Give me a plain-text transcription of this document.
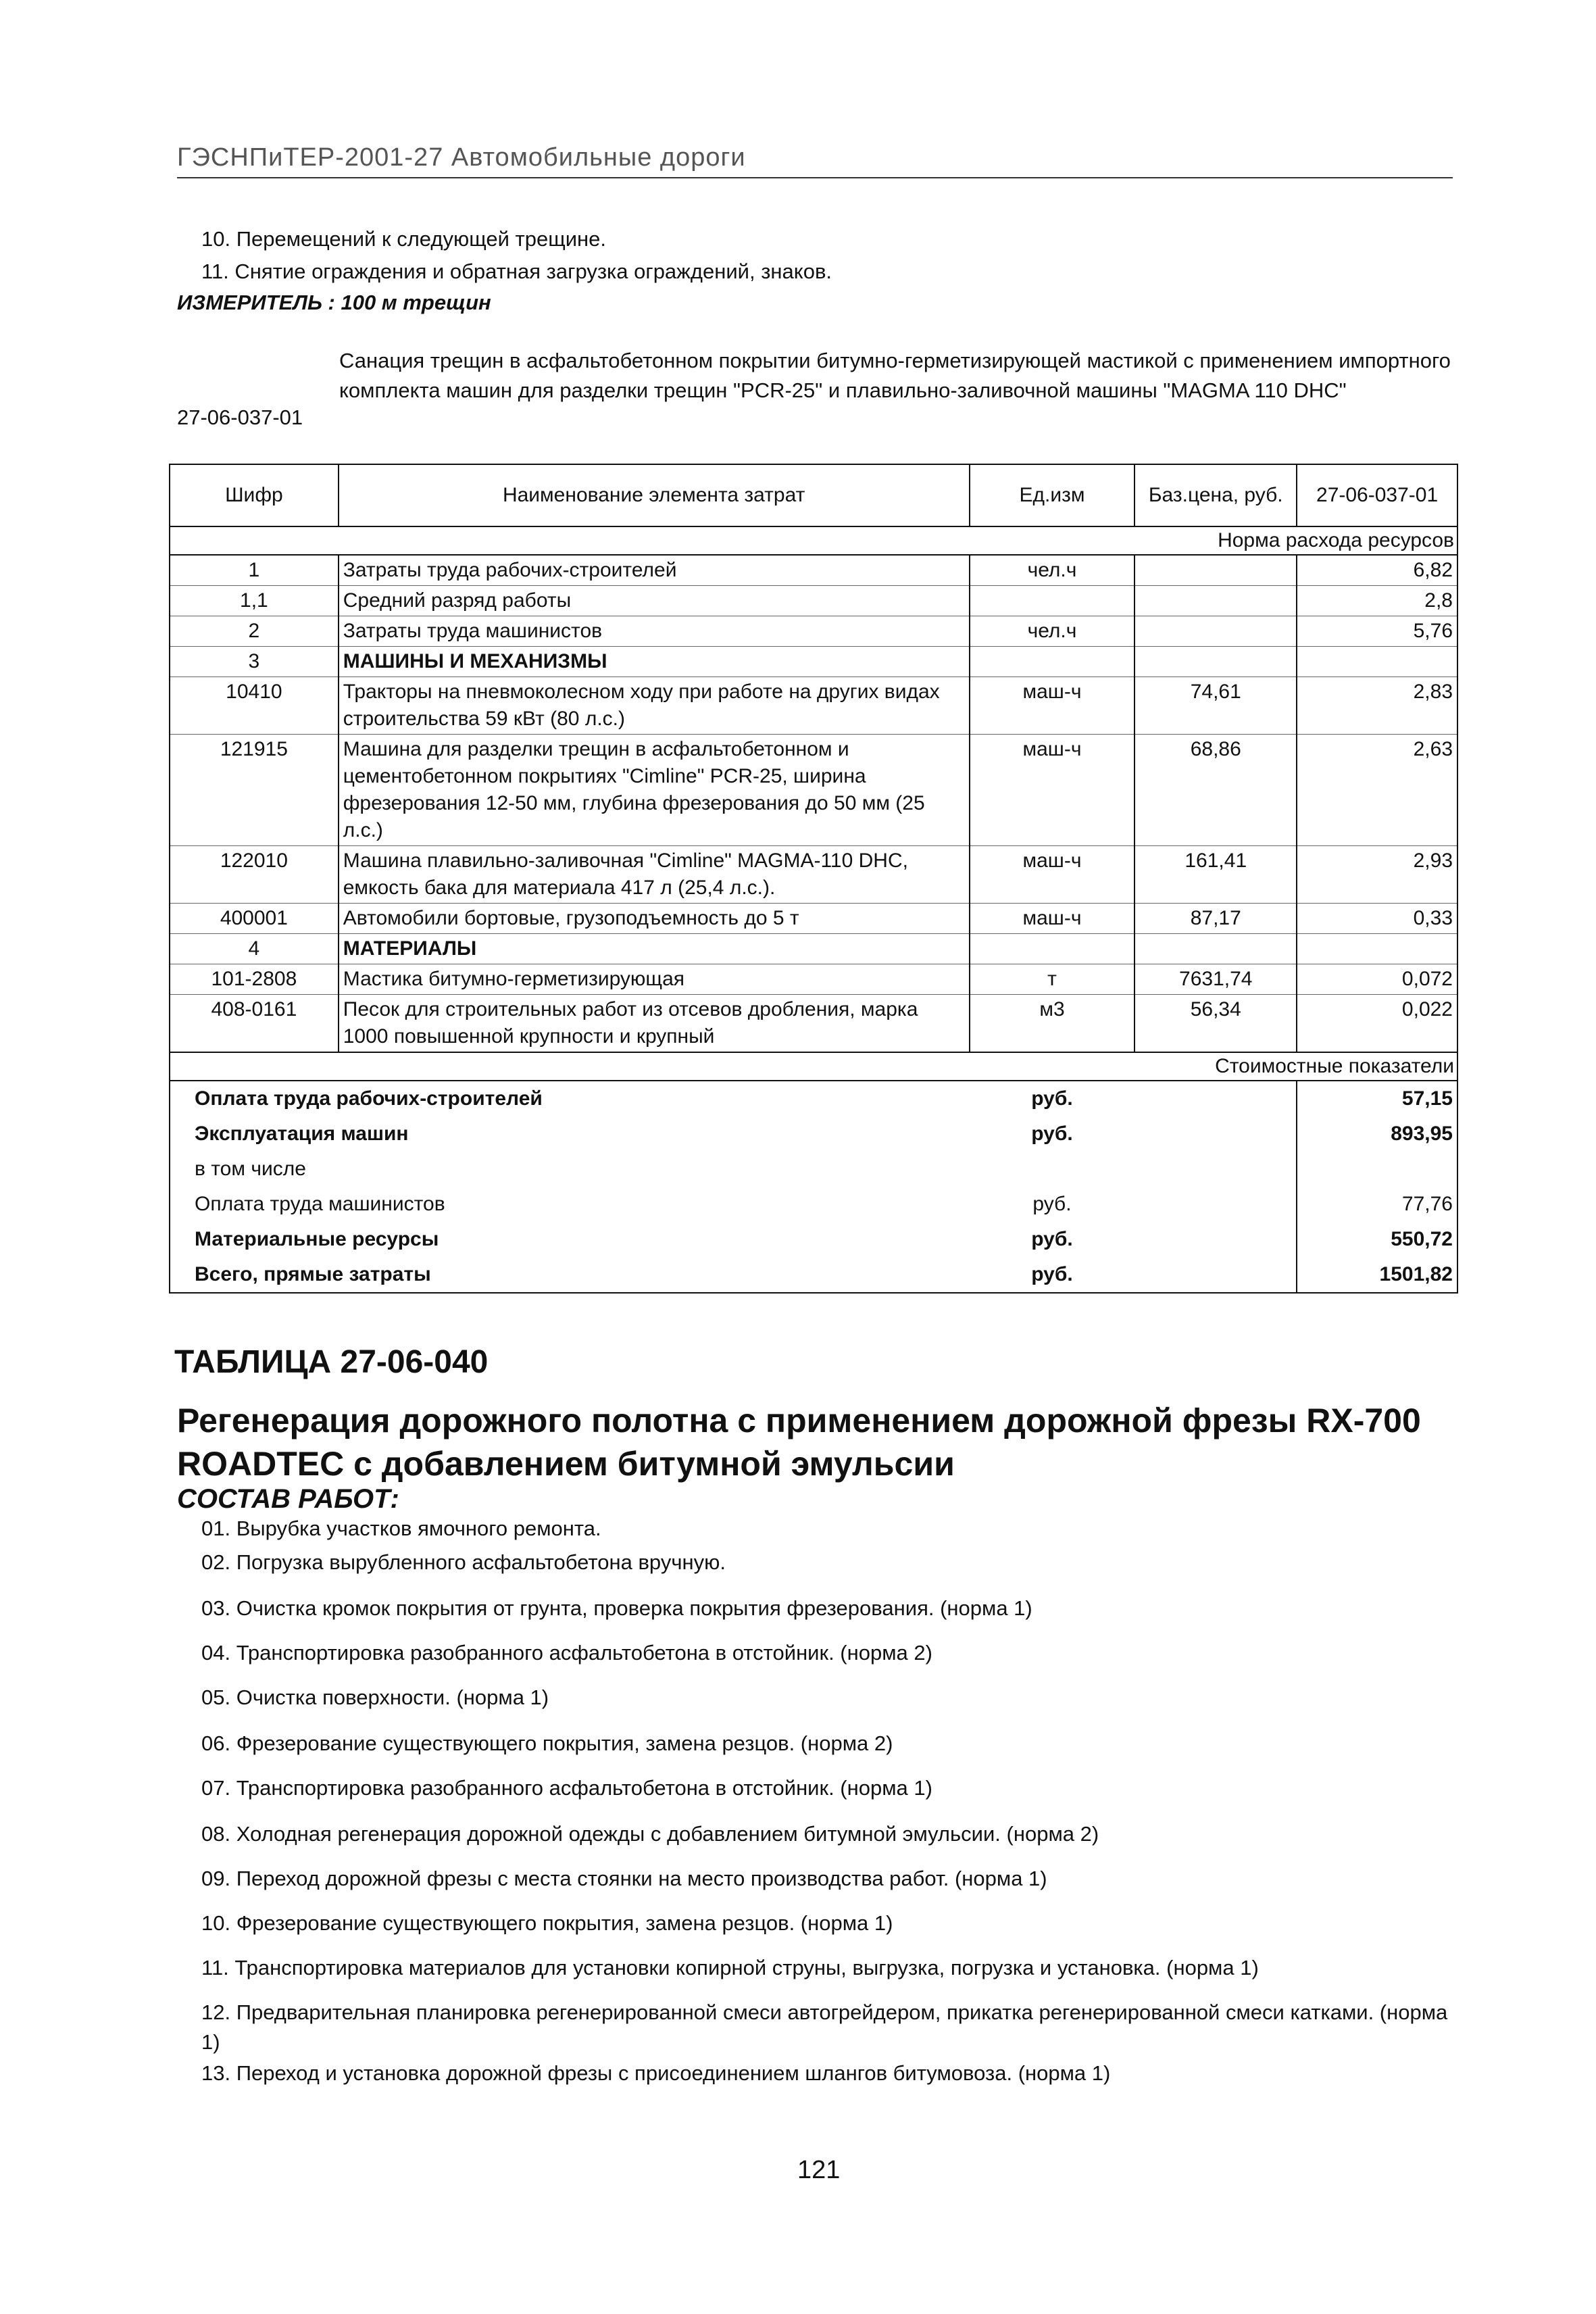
ГЭСНПиТЕР-2001-27 Автомобильные дороги
10. Перемещений к следующей трещине.
11. Снятие ограждения и обратная загрузка ограждений, знаков.
ИЗМЕРИТЕЛЬ : 100 м трещин
Санация трещин в асфальтобетонном покрытии битумно-герметизирующей мастикой с применением импортного комплекта машин для разделки трещин "PCR-25" и плавильно-заливочной машины "MAGMA 110 DHC"
27-06-037-01
Шифр	Наименование элемента затрат	Ед.изм	Баз.цена, руб.	27-06-037-01
Норма расхода ресурсов				
1	Затраты труда рабочих-строителей	чел.ч		6,82
1,1	Средний разряд работы			2,8
2	Затраты труда машинистов	чел.ч		5,76
3	МАШИНЫ И МЕХАНИЗМЫ			
10410	Тракторы на пневмоколесном ходу при работе на других видах строительства 59 кВт (80 л.с.)	маш-ч	74,61	2,83
121915	Машина для разделки трещин в асфальтобетонном и цементобетонном покрытиях "Cimline" PCR-25, ширина фрезерования 12-50 мм, глубина фрезерования до 50 мм (25 л.с.)	маш-ч	68,86	2,63
122010	Машина плавильно-заливочная "Cimline" MAGMA-110 DHC, емкость бака для материала 417 л (25,4 л.с.).	маш-ч	161,41	2,93
400001	Автомобили бортовые, грузоподъемность до 5 т	маш-ч	87,17	0,33
4	МАТЕРИАЛЫ			
101-2808	Мастика битумно-герметизирующая	т	7631,74	0,072
408-0161	Песок для строительных работ из отсевов дробления, марка 1000 повышенной крупности и крупный	м3	56,34	0,022
Стоимостные показатели				
Оплата труда рабочих-строителей		руб.		57,15
Эксплуатация машин		руб.		893,95
в том числе				
Оплата труда машинистов		руб.		77,76
Материальные ресурсы		руб.		550,72
Всего, прямые затраты		руб.		1501,82
ТАБЛИЦА 27-06-040
Регенерация дорожного полотна с применением дорожной фрезы RX-700 ROADTEC с добавлением битумной эмульсии
СОСТАВ РАБОТ:
01. Вырубка участков ямочного ремонта.
02. Погрузка вырубленного асфальтобетона вручную.
03. Очистка кромок покрытия от грунта, проверка покрытия фрезерования. (норма 1)
04. Транспортировка разобранного асфальтобетона в отстойник. (норма 2)
05. Очистка поверхности. (норма 1)
06. Фрезерование существующего покрытия, замена резцов. (норма 2)
07. Транспортировка разобранного асфальтобетона в отстойник. (норма 1)
08. Холодная регенерация дорожной одежды с добавлением битумной эмульсии. (норма 2)
09. Переход дорожной фрезы с места стоянки на место производства работ. (норма 1)
10. Фрезерование существующего покрытия, замена резцов. (норма 1)
11. Транспортировка материалов для установки копирной струны, выгрузка, погрузка и установка. (норма 1)
12. Предварительная планировка регенерированной смеси автогрейдером, прикатка регенерированной смеси катками. (норма 1)
13. Переход и установка дорожной фрезы с присоединением шлангов битумовоза. (норма 1)
121
